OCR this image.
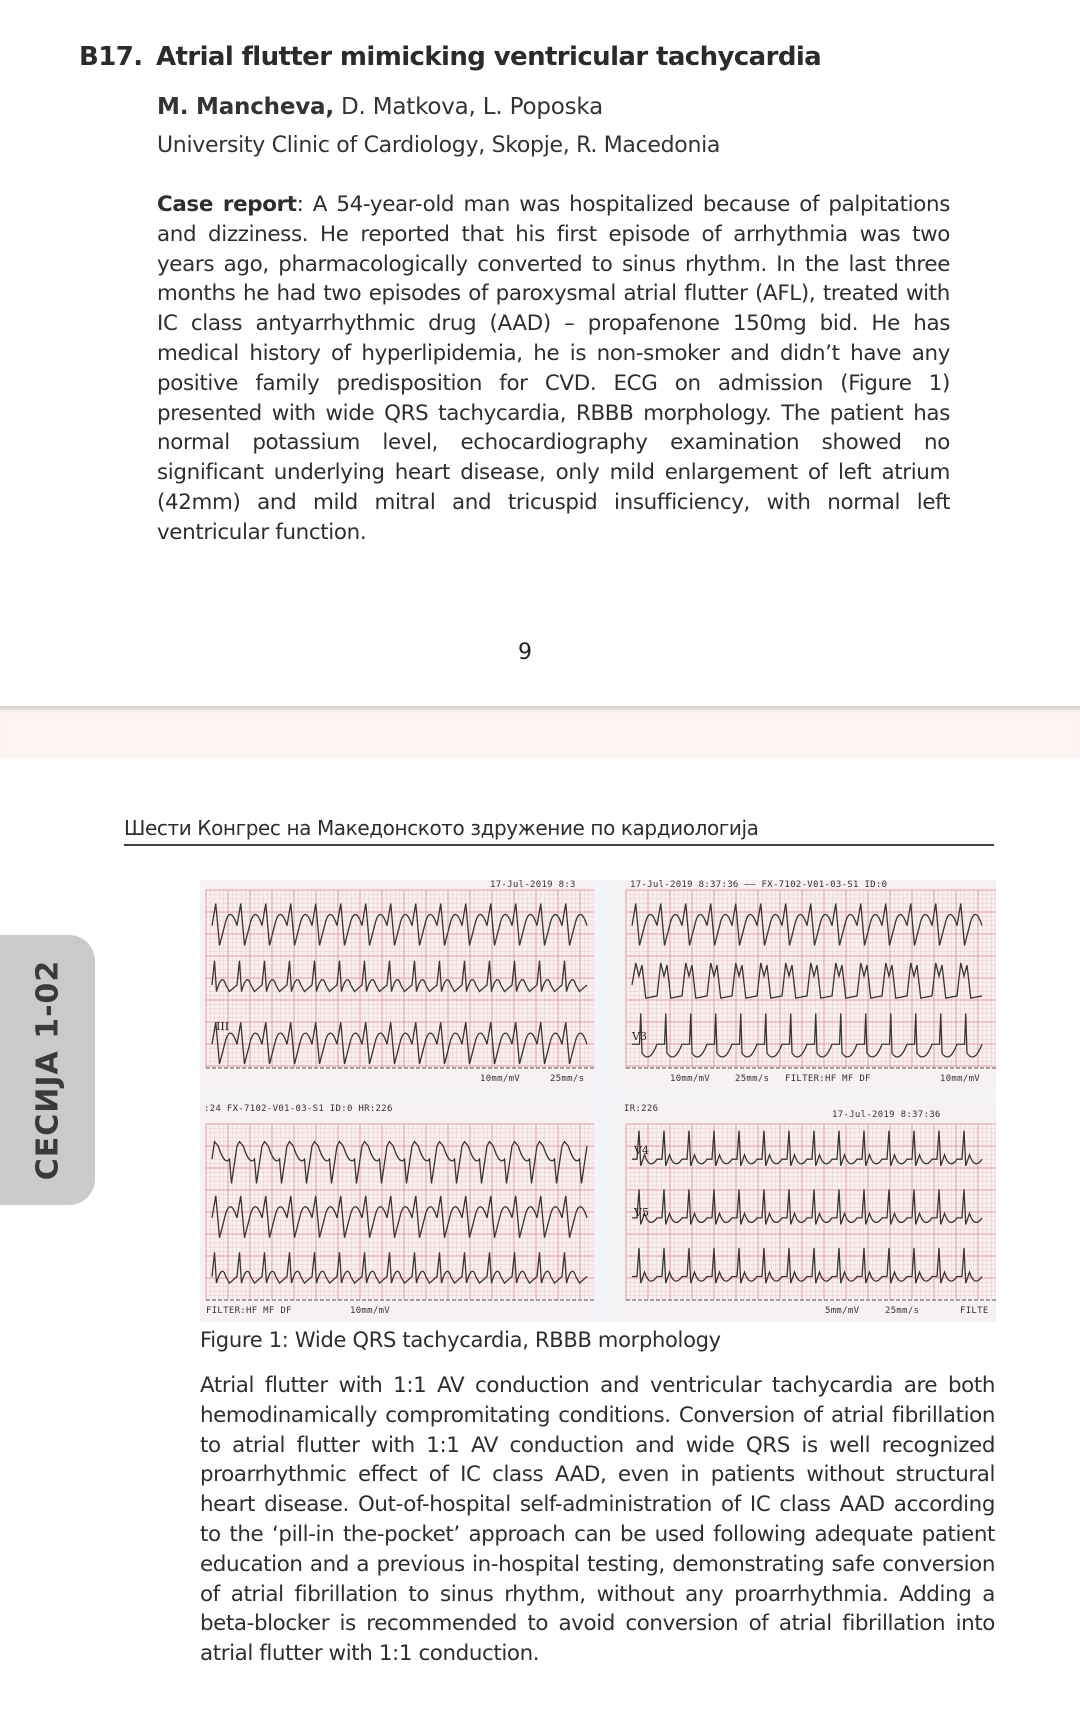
B17. Atrial flutter mimicking ventricular tachycardia
M. Mancheva, D. Matkova, L. Poposka
University Clinic of Cardiology, Skopje, R. Macedonia
Case report: A 54-year-old man was hospitalized because of palpitations and dizziness. He reported that his first episode of arrhythmia was two years ago, pharmacologically converted to sinus rhythm. In the last three months he had two episodes of paroxysmal atrial flutter (AFL), treated with IC class antyarrhythmic drug (AAD) – propafenone 150mg bid. He has medical history of hyperlipidemia, he is non-smoker and didn’t have any positive family predisposition for CVD. ECG on admission (Figure 1) presented with wide QRS tachycardia, RBBB morphology. The patient has normal potassium level, echocardiography examination showed no significant underlying heart disease, only mild enlargement of left atrium (42mm) and mild mitral and tricuspid insufficiency, with normal left ventricular function.
9
Шести Конгрес на Македонското здружение по кардиологија
СЕСИЈА 1-02
17-Jul-2019 8:3
III
10mm/mV	25mm/s
17-Jul-2019 8:37:36 —— FX-7102-V01-03-S1 ID:0
V3
10mm/mV	25mm/s FILTER:HF MF DF	10mm/mV
:24 FX-7102-V01-03-S1 ID:0 HR:226
FILTER:HF MF DF	10mm/mV
IR:226
17-Jul-2019 8:37:36
V4
V5
5mm/mV	25mm/s	FILTE
Figure 1: Wide QRS tachycardia, RBBB morphology
Atrial flutter with 1:1 AV conduction and ventricular tachycardia are both hemodinamically compromitating conditions. Conversion of atrial fibrillation to atrial flutter with 1:1 AV conduction and wide QRS is well recognized proarrhythmic effect of IC class AAD, even in patients without structural heart disease. Out-of-hospital self-administration of IC class AAD according to the ‘pill-in the-pocket’ approach can be used following adequate patient education and a previous in-hospital testing, demonstrating safe conversion of atrial fibrillation to sinus rhythm, without any proarrhythmia. Adding a beta-blocker is recommended to avoid conversion of atrial fibrillation into atrial flutter with 1:1 conduction.
